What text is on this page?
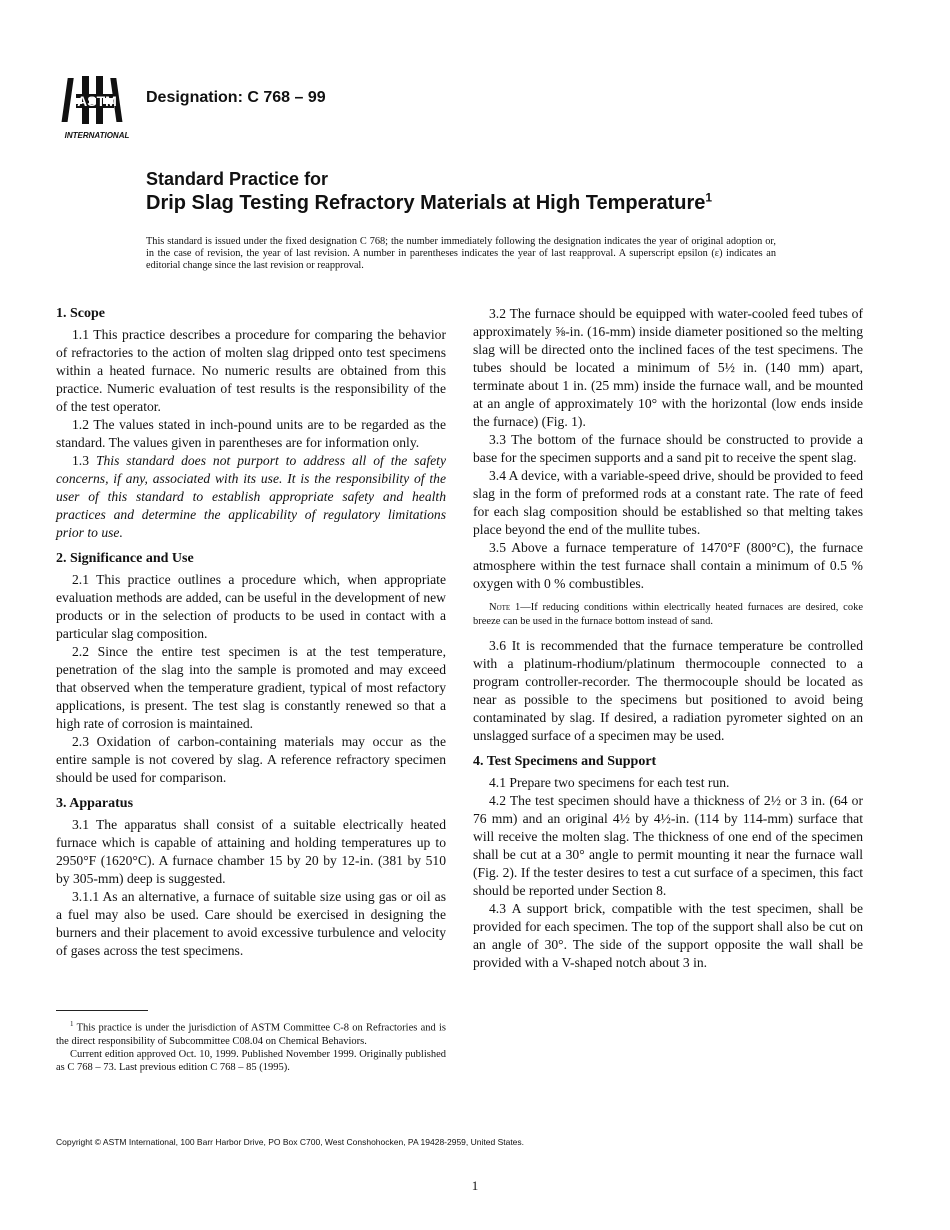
ASTM
INTERNATIONAL
Designation: C 768 – 99
Standard Practice for
Drip Slag Testing Refractory Materials at High Temperature$^1$
This standard is issued under the fixed designation C 768; the number immediately following the designation indicates the year of original adoption or, in the case of revision, the year of last revision. A number in parentheses indicates the year of last reapproval. A superscript epsilon (ε) indicates an editorial change since the last revision or reapproval.
1. Scope

1.1 This practice describes a procedure for comparing the behavior of refractories to the action of molten slag dripped onto test specimens within a heated furnace. No numeric results are obtained from this practice. Numeric evaluation of test results is the responsibility of the of the test operator.

1.2 The values stated in inch-pound units are to be regarded as the standard. The values given in parentheses are for information only.

1.3 This standard does not purport to address all of the safety concerns, if any, associated with its use. It is the responsibility of the user of this standard to establish appropriate safety and health practices and determine the applicability of regulatory limitations prior to use.

2. Significance and Use

2.1 This practice outlines a procedure which, when appropriate evaluation methods are added, can be useful in the development of new products or in the selection of products to be used in contact with a particular slag composition.

2.2 Since the entire test specimen is at the test temperature, penetration of the slag into the sample is promoted and may exceed that observed when the temperature gradient, typical of most refactory applications, is present. The test slag is constantly renewed so that a high rate of corrosion is maintained.

2.3 Oxidation of carbon-containing materials may occur as the entire sample is not covered by slag. A reference refractory specimen should be used for comparison.

3. Apparatus

3.1 The apparatus shall consist of a suitable electrically heated furnace which is capable of attaining and holding temperatures up to 2950°F (1620°C). A furnace chamber 15 by 20 by 12-in. (381 by 510 by 305-mm) deep is suggested.

3.1.1 As an alternative, a furnace of suitable size using gas or oil as a fuel may also be used. Care should be exercised in designing the burners and their placement to avoid excessive turbulence and velocity of gases across the test specimens.

3.2 The furnace should be equipped with water-cooled feed tubes of approximately ⅝-in. (16-mm) inside diameter positioned so the melting slag will be directed onto the inclined faces of the test specimens. The tubes should be located a minimum of 5½ in. (140 mm) apart, terminate about 1 in. (25 mm) inside the furnace wall, and be mounted at an angle of approximately 10° with the horizontal (low ends inside the furnace) (Fig. 1).

3.3 The bottom of the furnace should be constructed to provide a base for the specimen supports and a sand pit to receive the spent slag.

3.4 A device, with a variable-speed drive, should be provided to feed slag in the form of preformed rods at a constant rate. The rate of feed for each slag composition should be established so that melting takes place beyond the end of the mullite tubes.

3.5 Above a furnace temperature of 1470°F (800°C), the furnace atmosphere within the test furnace shall contain a minimum of 0.5 % oxygen with 0 % combustibles.

Note 1—If reducing conditions within electrically heated furnaces are desired, coke breeze can be used in the furnace bottom instead of sand.

3.6 It is recommended that the furnace temperature be controlled with a platinum-rhodium/platinum thermocouple connected to a program controller-recorder. The thermocouple should be located as near as possible to the specimens but positioned to avoid being contaminated by slag. If desired, a radiation pyrometer sighted on an unslagged surface of a specimen may be used.

4. Test Specimens and Support

4.1 Prepare two specimens for each test run.

4.2 The test specimen should have a thickness of 2½ or 3 in. (64 or 76 mm) and an original 4½ by 4½-in. (114 by 114-mm) surface that will receive the molten slag. The thickness of one end of the specimen shall be cut at a 30° angle to permit mounting it near the furnace wall (Fig. 2). If the tester desires to test a cut surface of a specimen, this fact should be reported under Section 8.

4.3 A support brick, compatible with the test specimen, shall be provided for each specimen. The top of the support shall also be cut on an angle of 30°. The side of the support opposite the wall shall be provided with a V-shaped notch about 3 in.

$^1$ This practice is under the jurisdiction of ASTM Committee C-8 on Refractories and is the direct responsibility of Subcommittee C08.04 on Chemical Behaviors.

Current edition approved Oct. 10, 1999. Published November 1999. Originally published as C 768 – 73. Last previous edition C 768 – 85 (1995).

Copyright © ASTM International, 100 Barr Harbor Drive, PO Box C700, West Conshohocken, PA 19428-2959, United States.
1
